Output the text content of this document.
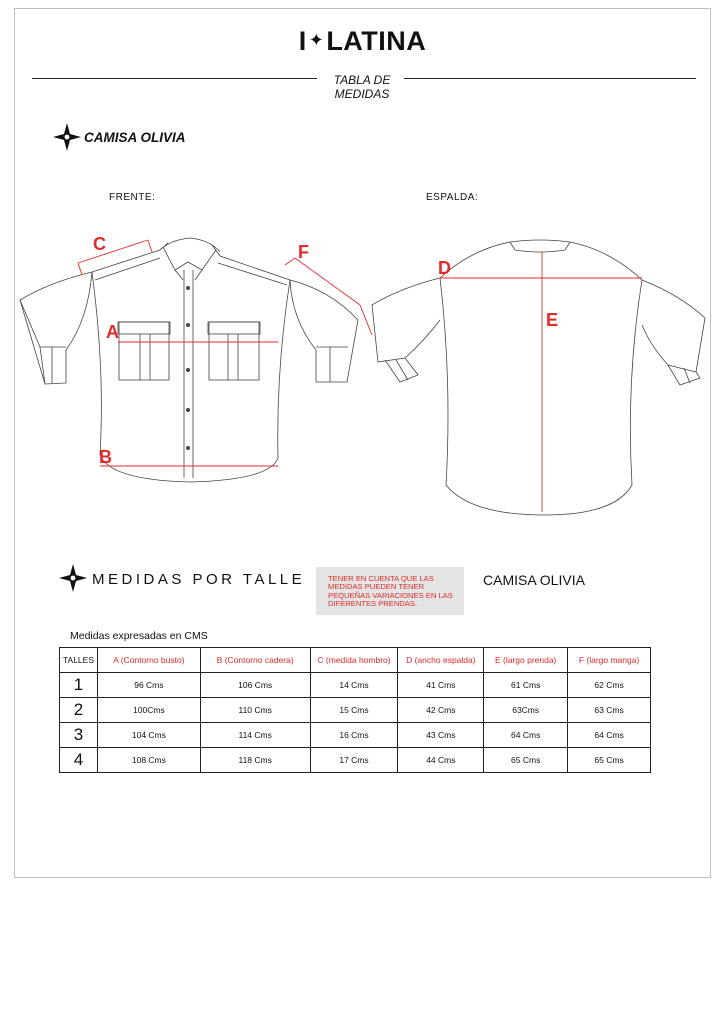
I ✦LATINA
TABLA DE
MEDIDAS
CAMISA OLIVIA
FRENTE:	ESPALDA:
C	F
A
B
D
E
MEDIDAS POR TALLE	TENER EN CUENTA QUE LAS MEDIDAS PUEDEN TENER PEQUEÑAS VARIACIONES EN LAS DIFERENTES PRENDAS.
CAMISA OLIVIA
Medidas expresadas en CMS
TALLES	A (Contorno busto)	B (Contorno cadera)	C (medida hombro)	D (ancho espalda)	E (largo prenda)	F (largo manga)
1	96 Cms	106 Cms	14 Cms	41 Cms	61 Cms	62 Cms
2	100Cms	110 Cms	15 Cms	42 Cms	63Cms	63 Cms
3	104 Cms	114 Cms	16 Cms	43 Cms	64 Cms	64 Cms
4	108 Cms	118 Cms	17 Cms	44 Cms	65 Cms	65 Cms
